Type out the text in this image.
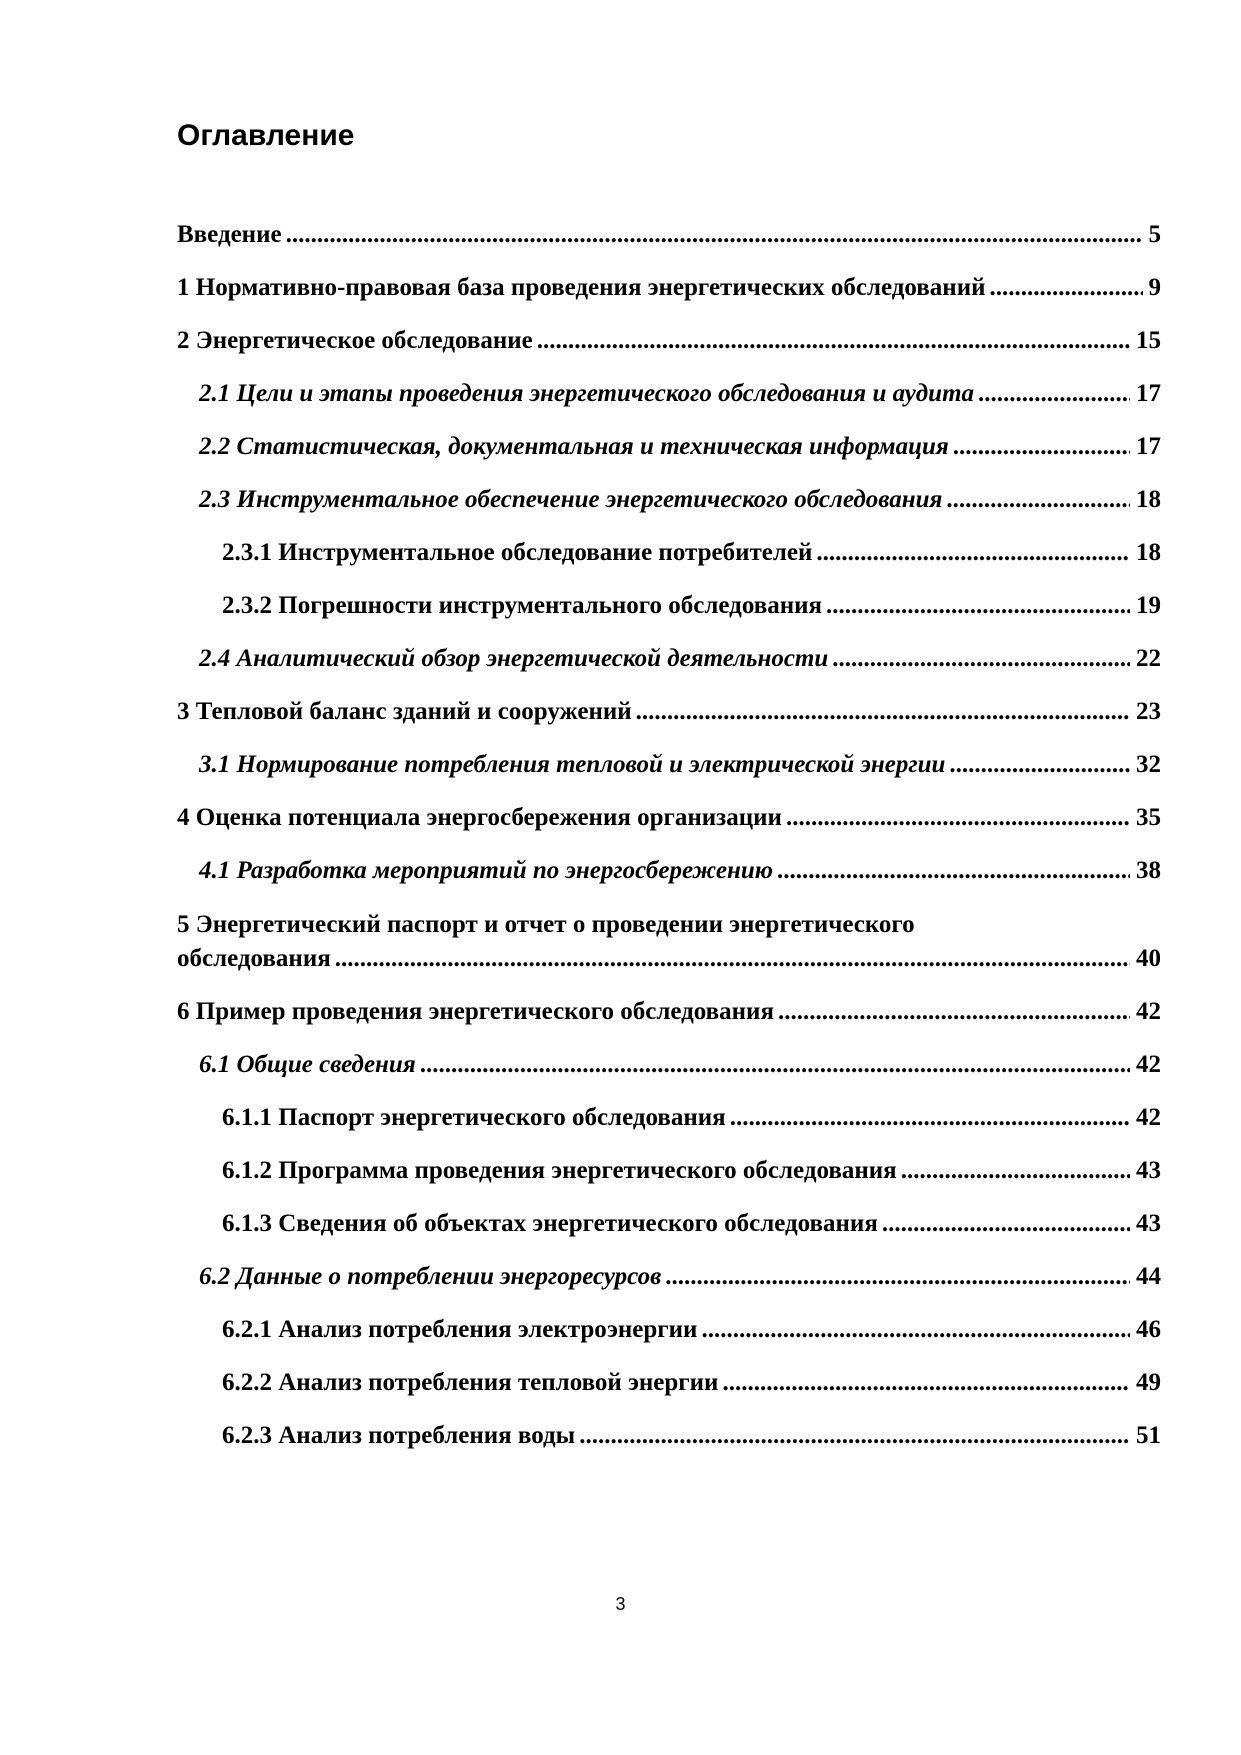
Оглавление
Введение .....	5
1 Нормативно-правовая база проведения энергетических обследований .....	9
2 Энергетическое обследование .....	15
2.1 Цели и этапы проведения энергетического обследования и аудита .....	17
2.2 Статистическая, документальная и техническая информация .....	17
2.3 Инструментальное обеспечение энергетического обследования .....	18
2.3.1 Инструментальное обследование потребителей .....	18
2.3.2 Погрешности инструментального обследования .....	19
2.4 Аналитический обзор энергетической деятельности .....	22
3 Тепловой баланс зданий и сооружений .....	23
3.1 Нормирование потребления тепловой и электрической энергии .....	32
4 Оценка потенциала энергосбережения организации .....	35
4.1 Разработка мероприятий по энергосбережению .....	38
5 Энергетический паспорт и отчет о проведении энергетического
обследования .....	40
6 Пример проведения энергетического обследования .....	42
6.1 Общие сведения .....	42
6.1.1 Паспорт энергетического обследования .....	42
6.1.2 Программа проведения энергетического обследования .....	43
6.1.3 Сведения об объектах энергетического обследования .....	43
6.2 Данные о потреблении энергоресурсов .....	44
6.2.1 Анализ потребления электроэнергии .....	46
6.2.2 Анализ потребления тепловой энергии .....	49
6.2.3 Анализ потребления воды .....	51
3
